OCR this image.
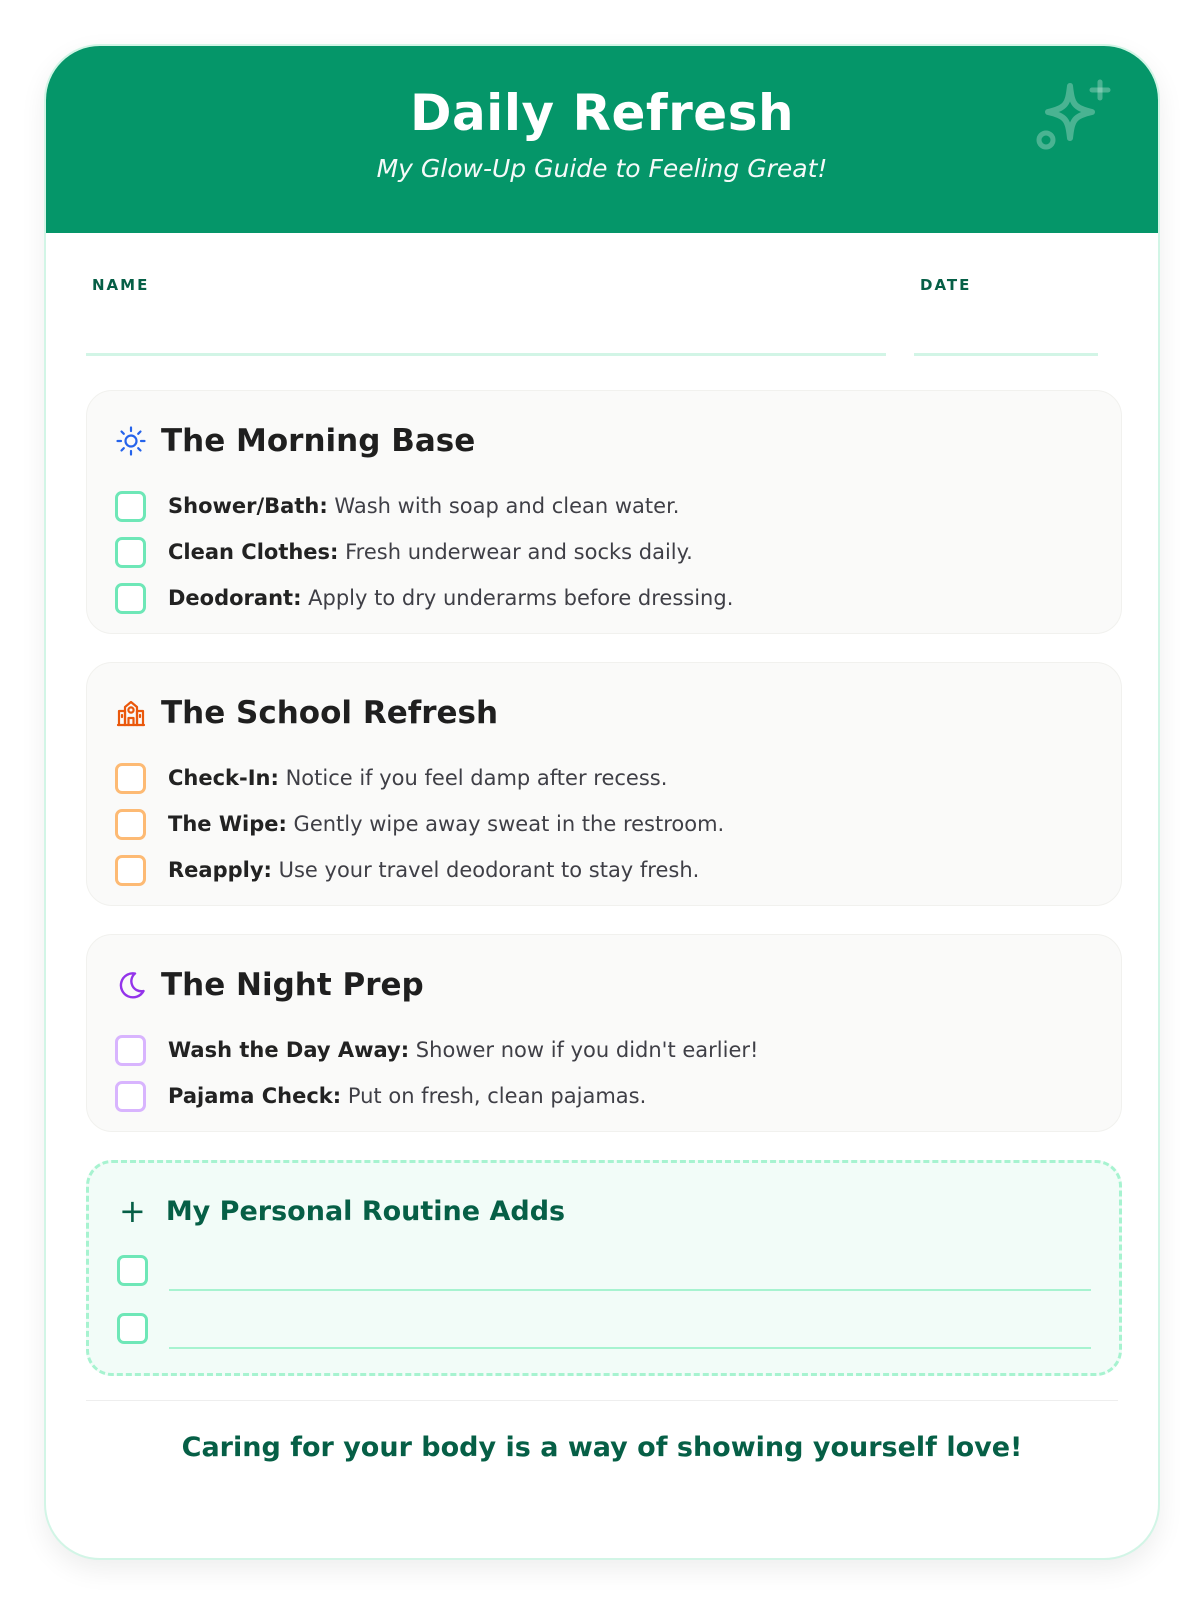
Daily Refresh
My Glow-Up Guide to Feeling Great!
NAME	DATE
The Morning Base
Shower/Bath: Wash with soap and clean water.
Clean Clothes: Fresh underwear and socks daily.
Deodorant: Apply to dry underarms before dressing.
The School Refresh
Check-In: Notice if you feel damp after recess.
The Wipe: Gently wipe away sweat in the restroom.
Reapply: Use your travel deodorant to stay fresh.
The Night Prep
Wash the Day Away: Shower now if you didn't earlier!
Pajama Check: Put on fresh, clean pajamas.
+ My Personal Routine Adds
Caring for your body is a way of showing yourself love!
